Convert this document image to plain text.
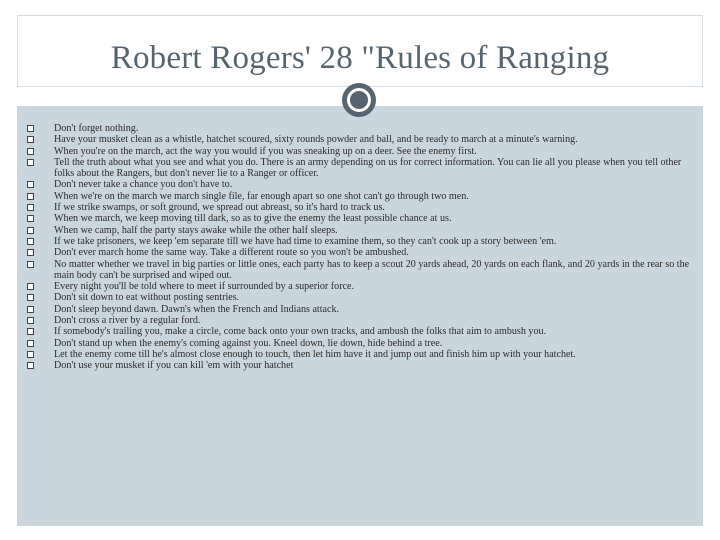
Robert Rogers' 28 "Rules of Ranging
Don't forget nothing.
Have your musket clean as a whistle, hatchet scoured, sixty rounds powder and ball, and be ready to march at a minute's warning.
When you're on the march, act the way you would if you was sneaking up on a deer. See the enemy first.
Tell the truth about what you see and what you do. There is an army depending on us for correct information. You can lie all you please when you tell other folks about the Rangers, but don't never lie to a Ranger or officer.
Don't never take a chance you don't have to.
When we're on the march we march single file, far enough apart so one shot can't go through two men.
If we strike swamps, or soft ground, we spread out abreast, so it's hard to track us.
When we march, we keep moving till dark, so as to give the enemy the least possible chance at us.
When we camp, half the party stays awake while the other half sleeps.
If we take prisoners, we keep 'em separate till we have had time to examine them, so they can't cook up a story between 'em.
Don't ever march home the same way. Take a different route so you won't be ambushed.
No matter whether we travel in big parties or little ones, each party has to keep a scout 20 yards ahead, 20 yards on each flank, and 20 yards in the rear so the main body can't be surprised and wiped out.
Every night you'll be told where to meet if surrounded by a superior force.
Don't sit down to eat without posting sentries.
Don't sleep beyond dawn. Dawn's when the French and Indians attack.
Don't cross a river by a regular ford.
If somebody's trailing you, make a circle, come back onto your own tracks, and ambush the folks that aim to ambush you.
Don't stand up when the enemy's coming against you. Kneel down, lie down, hide behind a tree.
Let the enemy come till he's almost close enough to touch, then let him have it and jump out and finish him up with your hatchet.
Don't use your musket if you can kill 'em with your hatchet
